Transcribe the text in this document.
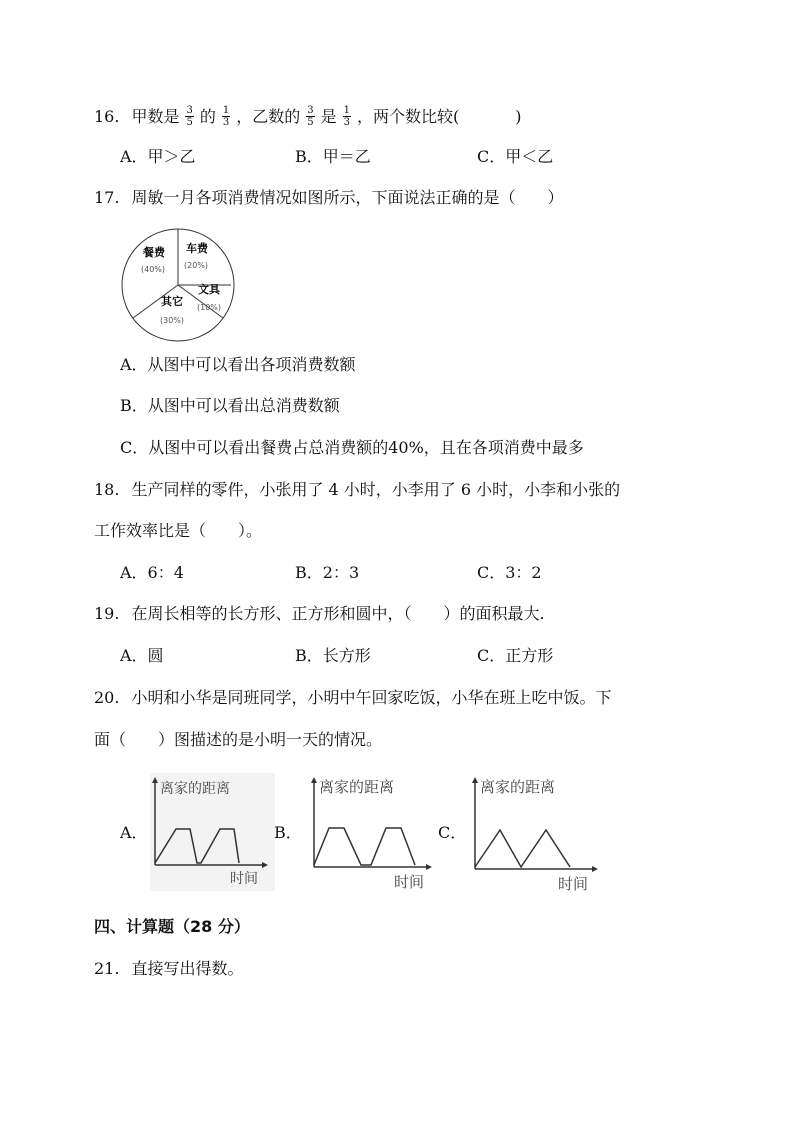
16. 甲数是 $\frac{3}{5}$ 的 $\frac{1}{3}$ ，乙数的 $\frac{3}{5}$ 是 $\frac{1}{3}$ ，两个数比较(	)
A．甲＞乙	B．甲＝乙	C．甲＜乙
17. 周敏一月各项消费情况如图所示，下面说法正确的是（　　）
餐费
(40%)
车费
(20%)
文具
(10%)
其它
(30%)
A．从图中可以看出各项消费数额
B．从图中可以看出总消费数额
C．从图中可以看出餐费占总消费额的40%，且在各项消费中最多
18. 生产同样的零件，小张用了 4 小时，小李用了 6 小时，小李和小张的
工作效率比是（　　）。
A．6：4	B．2：3	C．3：2
19. 在周长相等的长方形、正方形和圆中，（　　）的面积最大.
A．圆	B．长方形	C．正方形
20. 小明和小华是同班同学，小明中午回家吃饭，小华在班上吃中饭。下
面（　　）图描述的是小明一天的情况。
A．
离家的距离
时间
B．
离家的距离
时间
C．
离家的距离
时间
四、计算题（28 分）
21. 直接写出得数。
